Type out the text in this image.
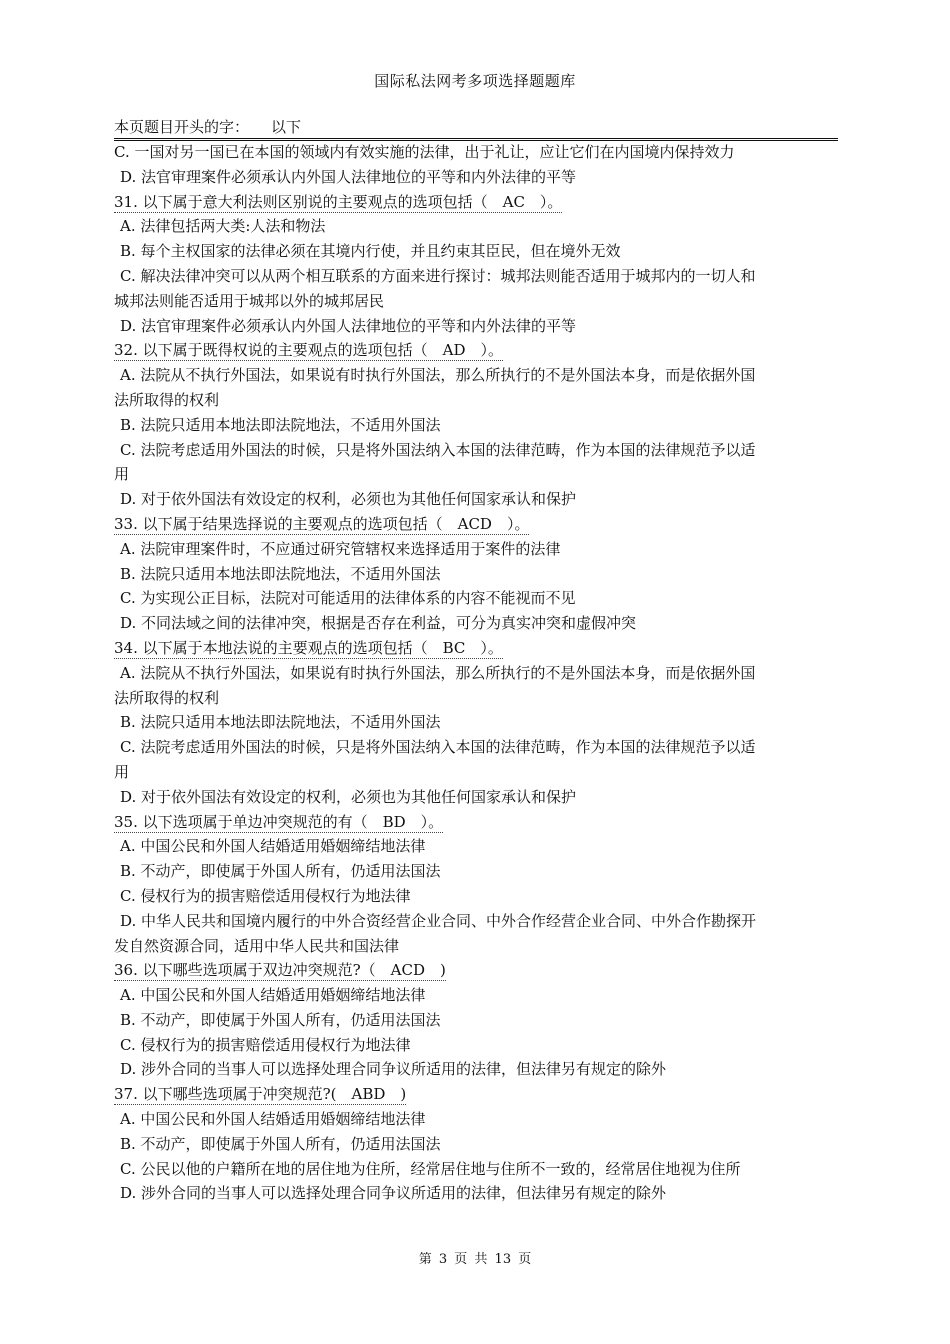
国际私法网考多项选择题题库
本页题目开头的字： 以下
C. 一国对另一国已在本国的领域内有效实施的法律，出于礼让，应让它们在内国境内保持效力
D. 法官审理案件必须承认内外国人法律地位的平等和内外法律的平等
31. 以下属于意大利法则区别说的主要观点的选项包括（　AC　）。
A. 法律包括两大类:人法和物法
B. 每个主权国家的法律必须在其境内行使，并且约束其臣民，但在境外无效
C. 解决法律冲突可以从两个相互联系的方面来进行探讨：城邦法则能否适用于城邦内的一切人和
城邦法则能否适用于城邦以外的城邦居民
D. 法官审理案件必须承认内外国人法律地位的平等和内外法律的平等
32. 以下属于既得权说的主要观点的选项包括（　AD　）。
A. 法院从不执行外国法，如果说有时执行外国法，那么所执行的不是外国法本身，而是依据外国
法所取得的权利
B. 法院只适用本地法即法院地法，不适用外国法
C. 法院考虑适用外国法的时候，只是将外国法纳入本国的法律范畴，作为本国的法律规范予以适
用
D. 对于依外国法有效设定的权利，必须也为其他任何国家承认和保护
33. 以下属于结果选择说的主要观点的选项包括（　ACD　）。
A. 法院审理案件时，不应通过研究管辖权来选择适用于案件的法律
B. 法院只适用本地法即法院地法，不适用外国法
C. 为实现公正目标，法院对可能适用的法律体系的内容不能视而不见
D. 不同法域之间的法律冲突，根据是否存在利益，可分为真实冲突和虚假冲突
34. 以下属于本地法说的主要观点的选项包括（　BC　）。
A. 法院从不执行外国法，如果说有时执行外国法，那么所执行的不是外国法本身，而是依据外国
法所取得的权利
B. 法院只适用本地法即法院地法，不适用外国法
C. 法院考虑适用外国法的时候，只是将外国法纳入本国的法律范畴，作为本国的法律规范予以适
用
D. 对于依外国法有效设定的权利，必须也为其他任何国家承认和保护
35. 以下选项属于单边冲突规范的有（　BD　）。
A. 中国公民和外国人结婚适用婚姻缔结地法律
B. 不动产，即使属于外国人所有，仍适用法国法
C. 侵权行为的损害赔偿适用侵权行为地法律
D. 中华人民共和国境内履行的中外合资经营企业合同、中外合作经营企业合同、中外合作勘探开
发自然资源合同，适用中华人民共和国法律
36. 以下哪些选项属于双边冲突规范?（　ACD　)
A. 中国公民和外国人结婚适用婚姻缔结地法律
B. 不动产，即使属于外国人所有，仍适用法国法
C. 侵权行为的损害赔偿适用侵权行为地法律
D. 涉外合同的当事人可以选择处理合同争议所适用的法律，但法律另有规定的除外
37. 以下哪些选项属于冲突规范?(　ABD　)
A. 中国公民和外国人结婚适用婚姻缔结地法律
B. 不动产，即使属于外国人所有，仍适用法国法
C. 公民以他的户籍所在地的居住地为住所，经常居住地与住所不一致的，经常居住地视为住所
D. 涉外合同的当事人可以选择处理合同争议所适用的法律，但法律另有规定的除外
第 3 页 共 13 页
